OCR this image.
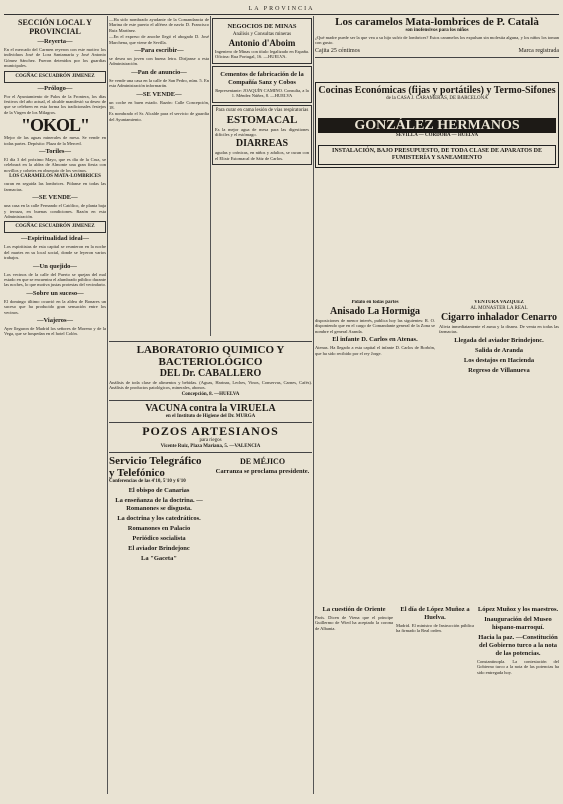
LA PROVINCIA
SECCIÓN LOCAL Y PROVINCIAL
—Reyerta—

En el mercado del Carmen reyeron con este motivo los individuos José de Lora Santamaría y José Antonio Gómez Sánchez. Fueron detenidos por los guardias municipales.

COGÑAC ESCUADRÓN JIMENEZ
—Prólogo—

Por el Ayuntamiento de Palos de la Frontera, los días festivos del año actual, el alcalde manifestó su deseo de que se celebren en esta forma los tradicionales festejos de la Virgen de los Milagros.

"OKOL"

Mejor de las aguas minerales de mesa. Se vende en todas partes. Depósito: Plaza de la Merced.

—Toriles—

El día 3 del próximo Mayo, que es día de la Cruz, se celebrará en la aldea de Almonte una gran fiesta con novillos y cohetes en obsequio de los vecinos.

LOS CARAMELOS MATA-LOMBRICES

curan en seguida las lombrices. Pídanse en todas las farmacias.

—SE VENDE—

una casa en la calle Fernando el Católico, de planta baja y terraza, en buenas condiciones. Razón en esta Administración.

COGÑAC ESCUADRÓN JIMENEZ
—Espiritualidad ideal—

Los espiritistas de esta capital se reunieron en la noche del martes en su local social, donde se leyeron varios trabajos.

—Un quejido—

Los vecinos de la calle del Puerto se quejan del mal estado en que se encuentra el alumbrado público durante las noches, lo que motiva justas protestas del vecindario.

—Sobre un suceso—

El domingo último ocurrió en la aldea de Bonares un suceso que ha producido gran sensación entre los vecinos.

—Viajeros—

Ayer llegaron de Madrid los señores de Moreno y de la Vega, que se hospedan en el hotel Colón.

—Ha sido nombrado ayudante de la Comandancia de Marina de este puerto el alférez de navío D. Francisco Ruiz Martínez.

—En el expreso de anoche llegó el abogado D. José Marchena, que viene de Sevilla.

—Para escribir—

se desea un joven con buena letra. Diríjanse a esta Administración.

—Pan de anuncio—

Se vende una casa en la calle de San Pedro, núm. 5. En esta Administración informarán.

—SE VENDE—

un coche en buen estado. Razón: Calle Concepción, 18.

Es nombrado el Sr. Alcalde para el servicio de guardia del Ayuntamiento.

NEGOCIOS DE MINAS
Análisis y Consultas mineras
Antonio d'Aboim

Ingeniero de Minas con título legalizado en España. Oficina: Rua Portugal, 16. —HUELVA.

Cementos de fabricación de la Compañía Sanz y Cobos

Representante: JOAQUÍN CAMINO. Consulta, a la 1. Méndez Núñez, 8. —HUELVA

Para curar en cama lesión de vías respiratorias
ESTOMACAL

Es la mejor agua de mesa para las digestiones difíciles y el estómago.

DIARREAS

agudas y crónicas, en niños y adultos, se curan con el Elixir Estomacal de Sáiz de Carlos.

Los caramelos Mata-lombrices de P. Català
son inofensivos para los niños

¿Qué madre puede ser la que vea a su hijo sufrir de lombrices? Estos caramelos los expulsan sin molestia alguna, y los niños los toman con gusto.

Cajita 25 céntimos	Marca registrada
Cocinas Económicas (fijas y portátiles) y Termo-Sifones
de la CASA J. CARAMERAS, DE BARCELONA
GONZÁLEZ HERMANOS
SEVILLA — CÓRDOBA — HUELVA
INSTALACIÓN, BAJO PRESUPUESTO, DE TODA CLASE DE APARATOS DE FUMISTERÍA Y SANEAMIENTO
Pídalo en todas partes
Anisado La Hormiga

disposiciones de menor interés, publica hoy las siguientes: R. O. disponiendo que en el cargo de Comandante general de la Zona se nombre el general Aranda.

El infante D. Carlos en Atenas.

Atenas. Ha llegado a esta capital el infante D. Carlos de Borbón, que ha sido recibido por el rey Jorge.

VENTURA VAZQUEZ
AL MONASTER LA REAL
Cigarro inhalador Cenarro

Alivia inmediatamente el asma y la disnea. De venta en todas las farmacias.

Llegada del aviador Brindejonc.
Salida de Aranda
Los destajos en Hacienda
Regreso de Villanueva
LABORATORIO QUIMICO Y BACTERIOLÓGICO
DEL Dr. CABALLERO

Análisis de toda clase de alimentos y bebidas. (Aguas, Harinas, Leches, Vinos, Conservas, Carnes, Cafés). Análisis de productos patológicos, minerales, abonos.

Concepción, 8. —HUELVA
VACUNA contra la VIRUELA
en el Instituto de Higiene del Dr. MURGA
POZOS ARTESIANOS
para riegos
Vicente Ruiz, Plaza Mariana, 5. —VALENCIA
Servicio Telegráfico y Telefónico
Conferencias de las 4'10, 5'10 y 6'10
El obispo de Canarias
La enseñanza de la doctrina. —Romanones se disgusta.
La doctrina y los catedráticos.
Romanones en Palacio
Periódico socialista
El aviador Brindejonc
La "Gaceta"
DE MÉJICO
Carranza se proclama presidente.
La cuestión de Oriente

París. Dicen de Viena que el príncipe Guillermo de Wied ha aceptado la corona de Albania.

El día de López Muñoz a Huelva.

Madrid. El ministro de Instrucción pública ha firmado la Real orden.

López Muñoz y los maestros.
Inauguración del Museo hispano-marroquí.
Hacia la paz. —Constitución del Gobierno turco a la nota de las potencias.

Constantinopla. La contestación del Gobierno turco a la nota de las potencias ha sido entregada hoy.
